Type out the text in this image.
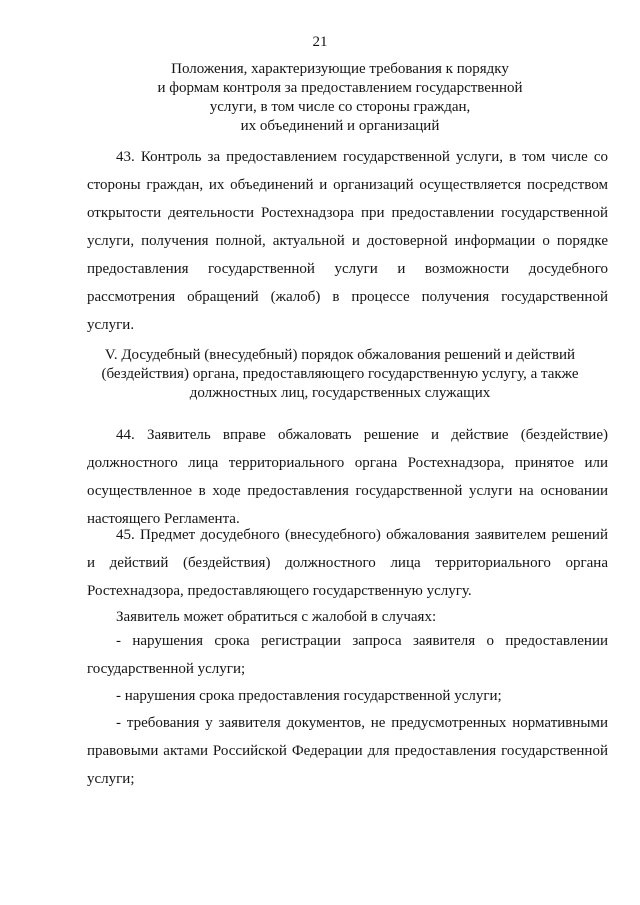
21
Положения, характеризующие требования к порядку
и формам контроля за предоставлением государственной
услуги, в том числе со стороны граждан,
их объединений и организаций
43. Контроль за предоставлением государственной услуги, в том числе со
стороны граждан, их объединений и организаций осуществляется посредством
открытости деятельности Ростехнадзора при предоставлении государственной
услуги, получения полной, актуальной и достоверной информации о порядке
предоставления государственной услуги и возможности досудебного
рассмотрения обращений (жалоб) в процессе получения государственной
услуги.
V. Досудебный (внесудебный) порядок обжалования решений и действий
(бездействия) органа, предоставляющего государственную услугу, а также
должностных лиц, государственных служащих
44. Заявитель вправе обжаловать решение и действие (бездействие)
должностного лица территориального органа Ростехнадзора, принятое или
осуществленное в ходе предоставления государственной услуги на основании
настоящего Регламента.
45. Предмет досудебного (внесудебного) обжалования заявителем решений
и действий (бездействия) должностного лица территориального органа
Ростехнадзора, предоставляющего государственную услугу.
Заявитель может обратиться с жалобой в случаях:
- нарушения срока регистрации запроса заявителя о предоставлении
государственной услуги;
- нарушения срока предоставления государственной услуги;
- требования у заявителя документов, не предусмотренных нормативными
правовыми актами Российской Федерации для предоставления государственной
услуги;
